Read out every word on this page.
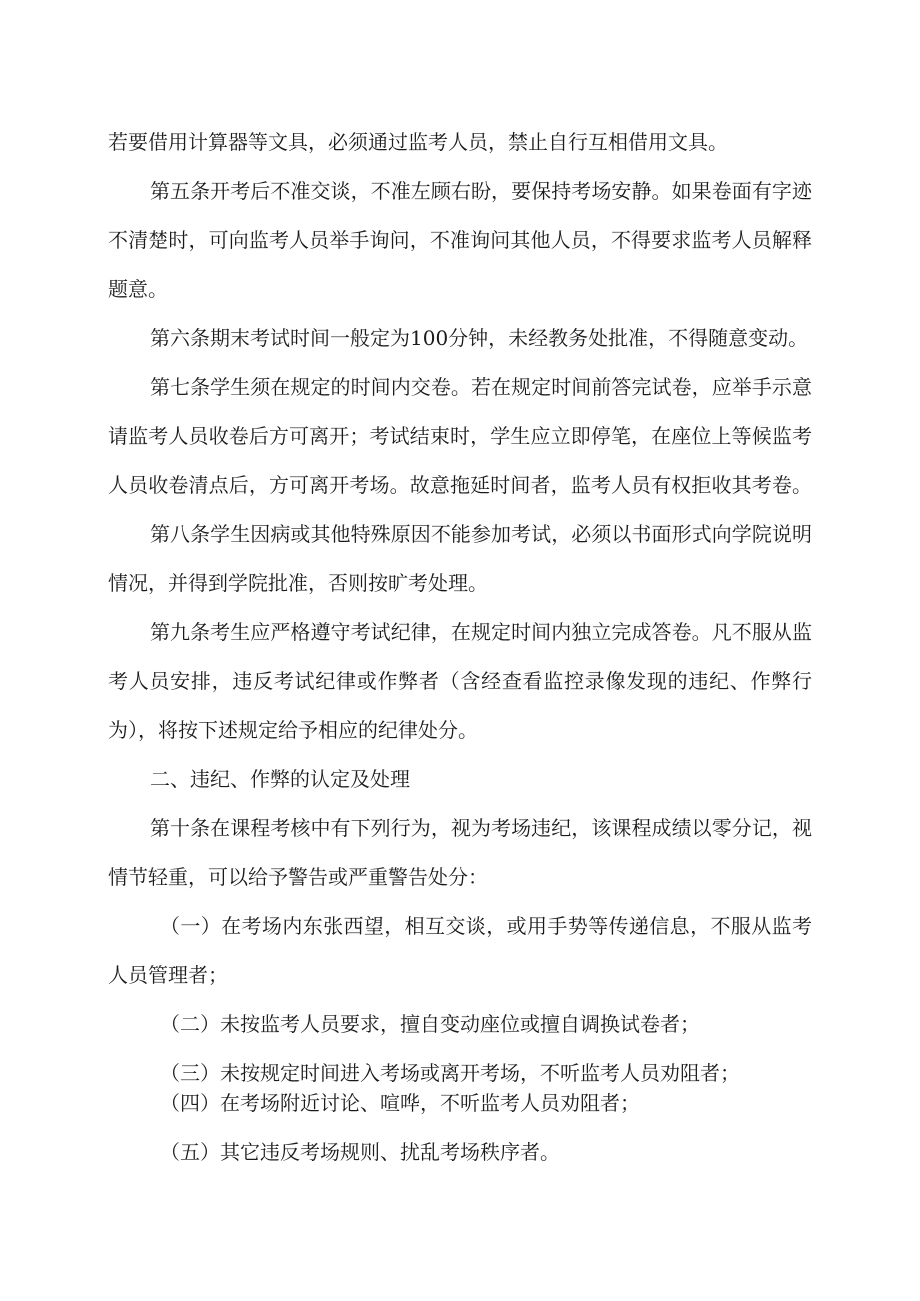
若要借用计算器等文具，必须通过监考人员，禁止自行互相借用文具。
第五条开考后不准交谈，不准左顾右盼，要保持考场安静。如果卷面有字迹
不清楚时，可向监考人员举手询问，不准询问其他人员，不得要求监考人员解释
题意。
第六条期末考试时间一般定为100分钟，未经教务处批准，不得随意变动。
第七条学生须在规定的时间内交卷。若在规定时间前答完试卷，应举手示意
请监考人员收卷后方可离开；考试结束时，学生应立即停笔，在座位上等候监考
人员收卷清点后，方可离开考场。故意拖延时间者，监考人员有权拒收其考卷。
第八条学生因病或其他特殊原因不能参加考试，必须以书面形式向学院说明
情况，并得到学院批准，否则按旷考处理。
第九条考生应严格遵守考试纪律，在规定时间内独立完成答卷。凡不服从监
考人员安排，违反考试纪律或作弊者（含经查看监控录像发现的违纪、作弊行
为），将按下述规定给予相应的纪律处分。
二、违纪、作弊的认定及处理
第十条在课程考核中有下列行为，视为考场违纪，该课程成绩以零分记，视
情节轻重，可以给予警告或严重警告处分：
（一）在考场内东张西望，相互交谈，或用手势等传递信息，不服从监考
人员管理者；
（二）未按监考人员要求，擅自变动座位或擅自调换试卷者；
（三）未按规定时间进入考场或离开考场，不听监考人员劝阻者；
（四）在考场附近讨论、喧哗，不听监考人员劝阻者；
（五）其它违反考场规则、扰乱考场秩序者。
